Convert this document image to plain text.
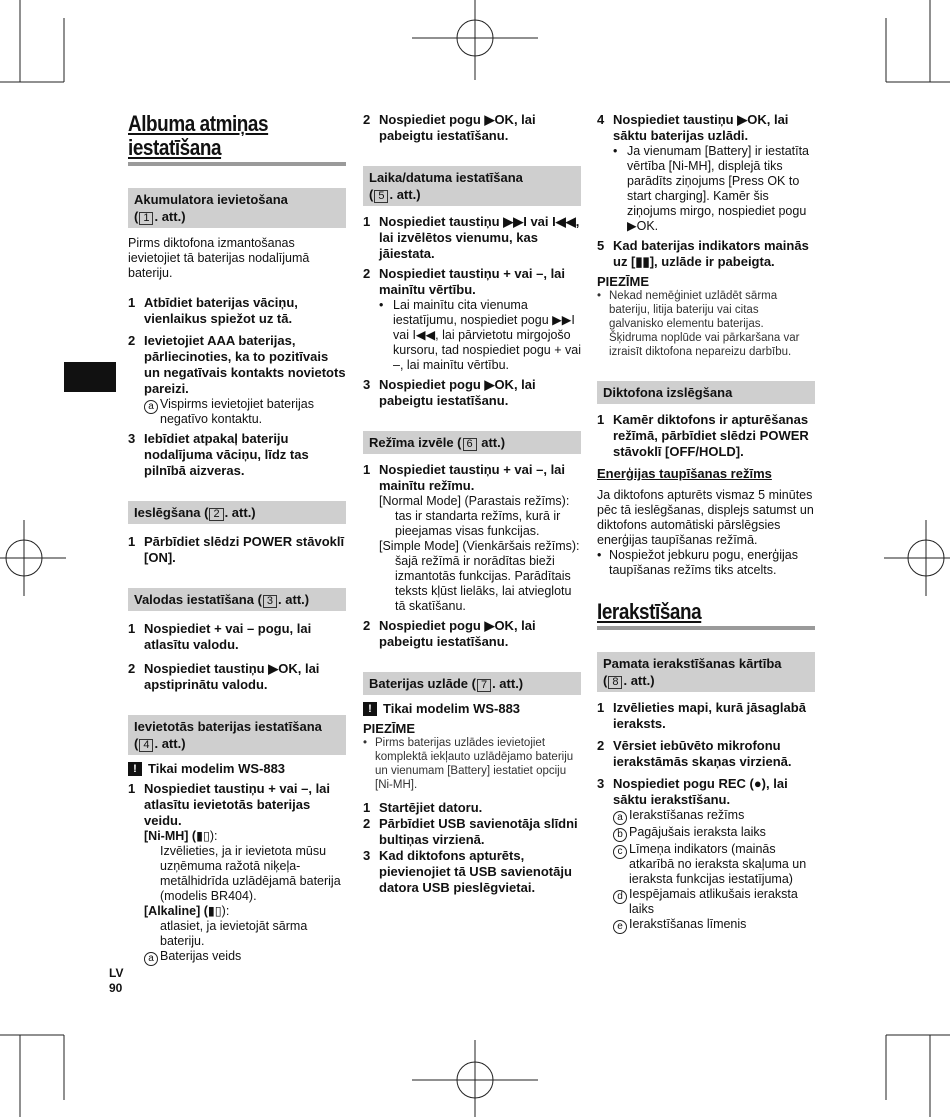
Albuma atmiņas iestatīšana

Akumulatora ievietošana
( 1 . att.)

Pirms diktofona izmantošanas ievietojiet tā baterijas nodalījumā bateriju.

1 Atbīdiet baterijas vāciņu, vienlaikus spiežot uz tā.
2 Ievietojiet AAA baterijas, pārliecinoties, ka to pozitīvais un negatīvais kontakts novietots pareizi.
a Vispirms ievietojiet baterijas negatīvo kontaktu.
3 Iebīdiet atpakaļ bateriju nodalījuma vāciņu, līdz tas pilnībā aizveras.
Ieslēgšana ( 2 . att.)
1 Pārbīdiet slēdzi POWER stāvoklī [ON].
Valodas iestatīšana ( 3 . att.)
1 Nospiediet + vai – pogu, lai atlasītu valodu.
2 Nospiediet taustiņu ▶OK, lai apstiprinātu valodu.
Ievietotās baterijas iestatīšana
( 4 . att.)

! Tikai modelim WS-883

1 Nospiediet taustiņu + vai –, lai atlasītu ievietotās baterijas veidu.

[Ni-MH] (▮▯):

Izvēlieties, ja ir ievietota mūsu uzņēmuma ražotā niķeļa-metālhidrīda uzlādējamā baterija (modelis BR404).

[Alkaline] (▮▯):

atlasiet, ja ievietojāt sārma bateriju.

a Baterijas veids
2 Nospiediet pogu ▶OK, lai pabeigtu iestatīšanu.
Laika/datuma iestatīšana
( 5 . att.)
1 Nospiediet taustiņu ▶▶I vai I◀◀, lai izvēlētos vienumu, kas jāiestata.
2 Nospiediet taustiņu + vai –, lai mainītu vērtību.
• Lai mainītu cita vienuma iestatījumu, nospiediet pogu ▶▶I vai I◀◀, lai pārvietotu mirgojošo kursoru, tad nospiediet pogu + vai –, lai mainītu vērtību.
3 Nospiediet pogu ▶OK, lai pabeigtu iestatīšanu.
Režīma izvēle ( 6 att.)
1 Nospiediet taustiņu + vai –, lai mainītu režīmu.

[Normal Mode] (Parastais režīms):

tas ir standarta režīms, kurā ir pieejamas visas funkcijas.

[Simple Mode] (Vienkāršais režīms):

šajā režīmā ir norādītas bieži izmantotās funkcijas. Parādītais teksts kļūst lielāks, lai atvieglotu tā skatīšanu.

2 Nospiediet pogu ▶OK, lai pabeigtu iestatīšanu.
Baterijas uzlāde ( 7 . att.)

! Tikai modelim WS-883

PIEZĪME

• Pirms baterijas uzlādes ievietojiet komplektā iekļauto uzlādējamo bateriju un vienumam [Battery] iestatiet opciju [Ni-MH].
1 Startējiet datoru.
2 Pārbīdiet USB savienotāja slīdni bultiņas virzienā.
3 Kad diktofons apturēts, pievienojiet tā USB savienotāju datora USB pieslēgvietai.
4 Nospiediet taustiņu ▶OK, lai sāktu baterijas uzlādi.
• Ja vienumam [Battery] ir iestatīta vērtība [Ni-MH], displejā tiks parādīts ziņojums [Press OK to start charging]. Kamēr šis ziņojums mirgo, nospiediet pogu ▶OK.
5 Kad baterijas indikators mainās uz [▮▮], uzlāde ir pabeigta.

PIEZĪME

• Nekad nemēģiniet uzlādēt sārma bateriju, litija bateriju vai citas galvanisko elementu baterijas. Šķidruma noplūde vai pārkaršana var izraisīt diktofona nepareizu darbību.
Diktofona izslēgšana
1 Kamēr diktofons ir apturēšanas režīmā, pārbīdiet slēdzi POWER stāvoklī [OFF/HOLD].

Enerģijas taupīšanas režīms

Ja diktofons apturēts vismaz 5 minūtes pēc tā ieslēgšanas, displejs satumst un diktofons automātiski pārslēgsies enerģijas taupīšanas režīmā.

• Nospiežot jebkuru pogu, enerģijas taupīšanas režīms tiks atcelts.

Ierakstīšana

Pamata ierakstīšanas kārtība
( 8 . att.)
1 Izvēlieties mapi, kurā jāsaglabā ieraksts.
2 Vērsiet iebūvēto mikrofonu ierakstāmās skaņas virzienā.
3 Nospiediet pogu REC (●), lai sāktu ierakstīšanu.
a Ierakstīšanas režīms
b Pagājušais ieraksta laiks
c Līmeņa indikators (mainās atkarībā no ieraksta skaļuma un ieraksta funkcijas iestatījuma)
d Iespējamais atlikušais ieraksta laiks
e Ierakstīšanas līmenis
LV
90
